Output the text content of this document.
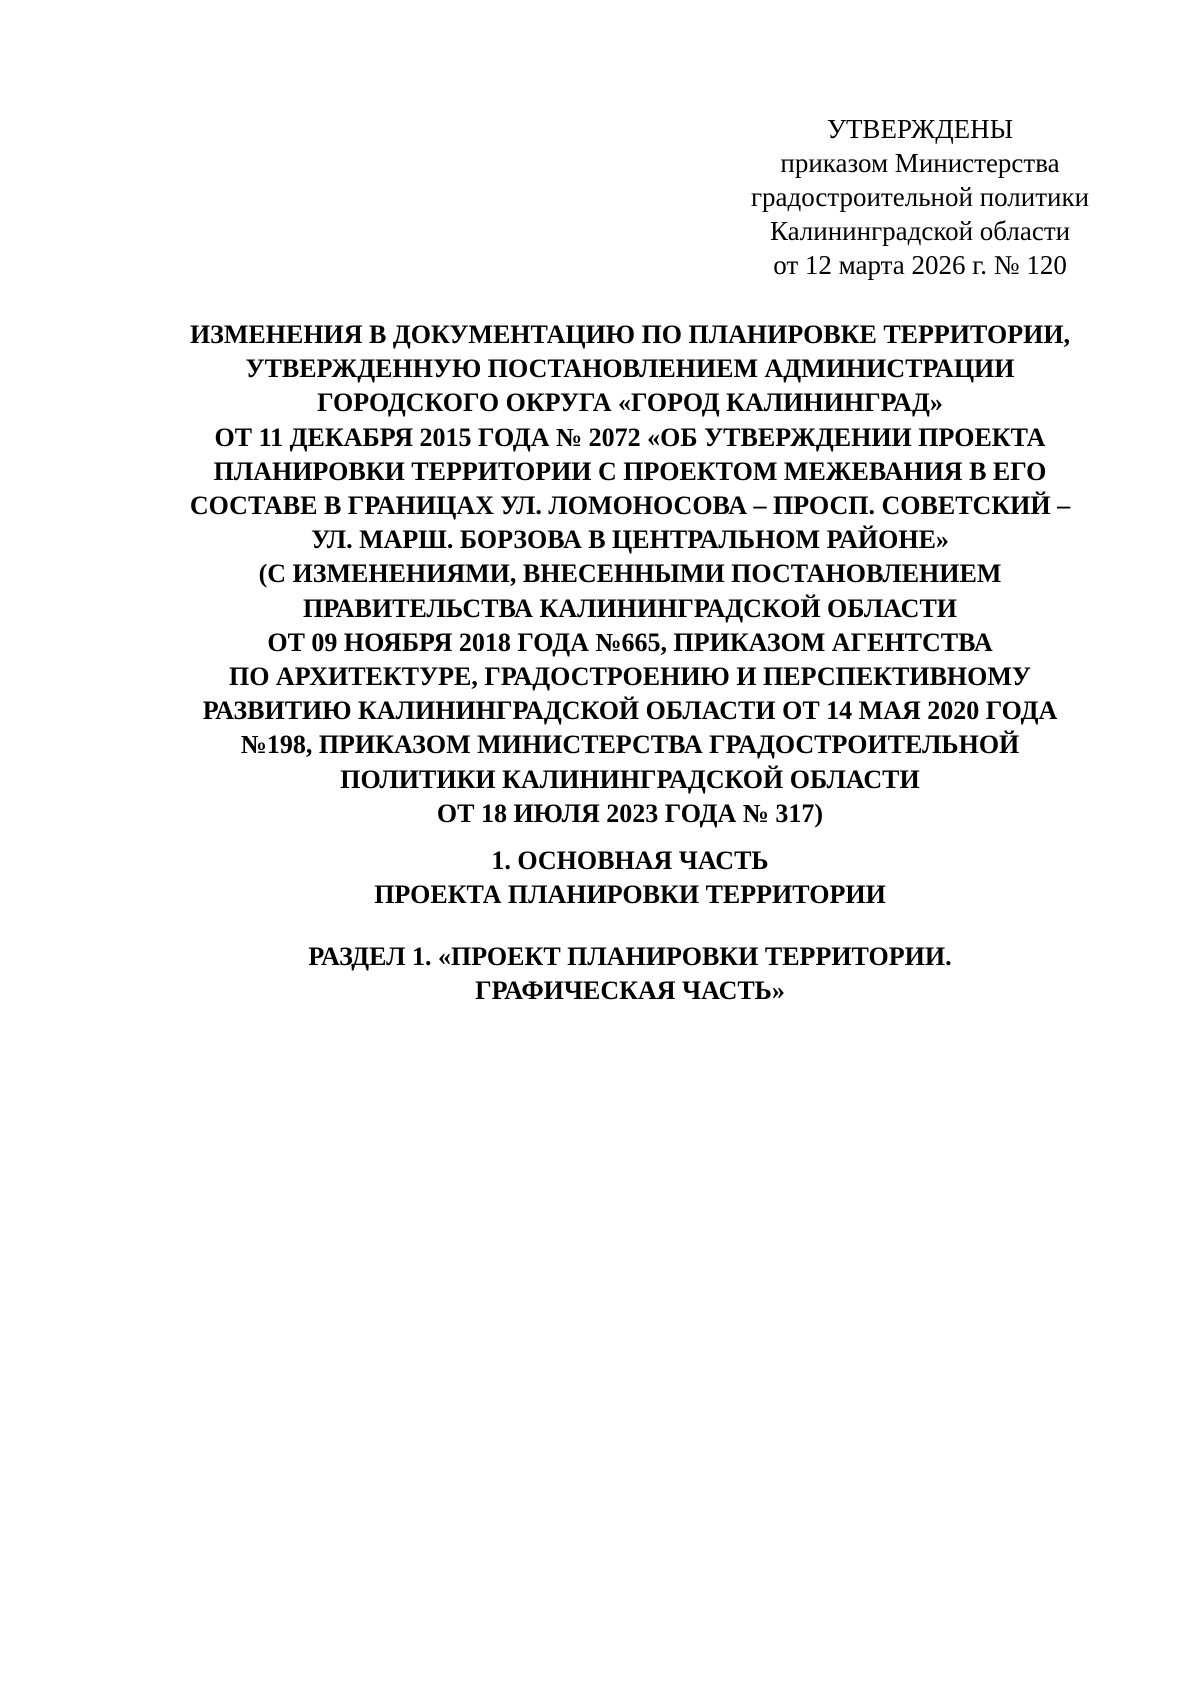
УТВЕРЖДЕНЫ
приказом Министерства
градостроительной политики
Калининградской области
от 12 марта 2026 г. № 120
ИЗМЕНЕНИЯ В ДОКУМЕНТАЦИЮ ПО ПЛАНИРОВКЕ ТЕРРИТОРИИ,
УТВЕРЖДЕННУЮ ПОСТАНОВЛЕНИЕМ АДМИНИСТРАЦИИ
ГОРОДСКОГО ОКРУГА «ГОРОД КАЛИНИНГРАД»
ОТ 11 ДЕКАБРЯ 2015 ГОДА № 2072 «ОБ УТВЕРЖДЕНИИ ПРОЕКТА
ПЛАНИРОВКИ ТЕРРИТОРИИ С ПРОЕКТОМ МЕЖЕВАНИЯ В ЕГО
СОСТАВЕ В ГРАНИЦАХ УЛ. ЛОМОНОСОВА – ПРОСП. СОВЕТСКИЙ –
УЛ. МАРШ. БОРЗОВА В ЦЕНТРАЛЬНОМ РАЙОНЕ»
(С ИЗМЕНЕНИЯМИ, ВНЕСЕННЫМИ ПОСТАНОВЛЕНИЕМ
ПРАВИТЕЛЬСТВА КАЛИНИНГРАДСКОЙ ОБЛАСТИ
ОТ 09 НОЯБРЯ 2018 ГОДА №665, ПРИКАЗОМ АГЕНТСТВА
ПО АРХИТЕКТУРЕ, ГРАДОСТРОЕНИЮ И ПЕРСПЕКТИВНОМУ
РАЗВИТИЮ КАЛИНИНГРАДСКОЙ ОБЛАСТИ ОТ 14 МАЯ 2020 ГОДА
№198, ПРИКАЗОМ МИНИСТЕРСТВА ГРАДОСТРОИТЕЛЬНОЙ
ПОЛИТИКИ КАЛИНИНГРАДСКОЙ ОБЛАСТИ
ОТ 18 ИЮЛЯ 2023 ГОДА № 317)
1. ОСНОВНАЯ ЧАСТЬ
ПРОЕКТА ПЛАНИРОВКИ ТЕРРИТОРИИ
РАЗДЕЛ 1. «ПРОЕКТ ПЛАНИРОВКИ ТЕРРИТОРИИ.
ГРАФИЧЕСКАЯ ЧАСТЬ»
